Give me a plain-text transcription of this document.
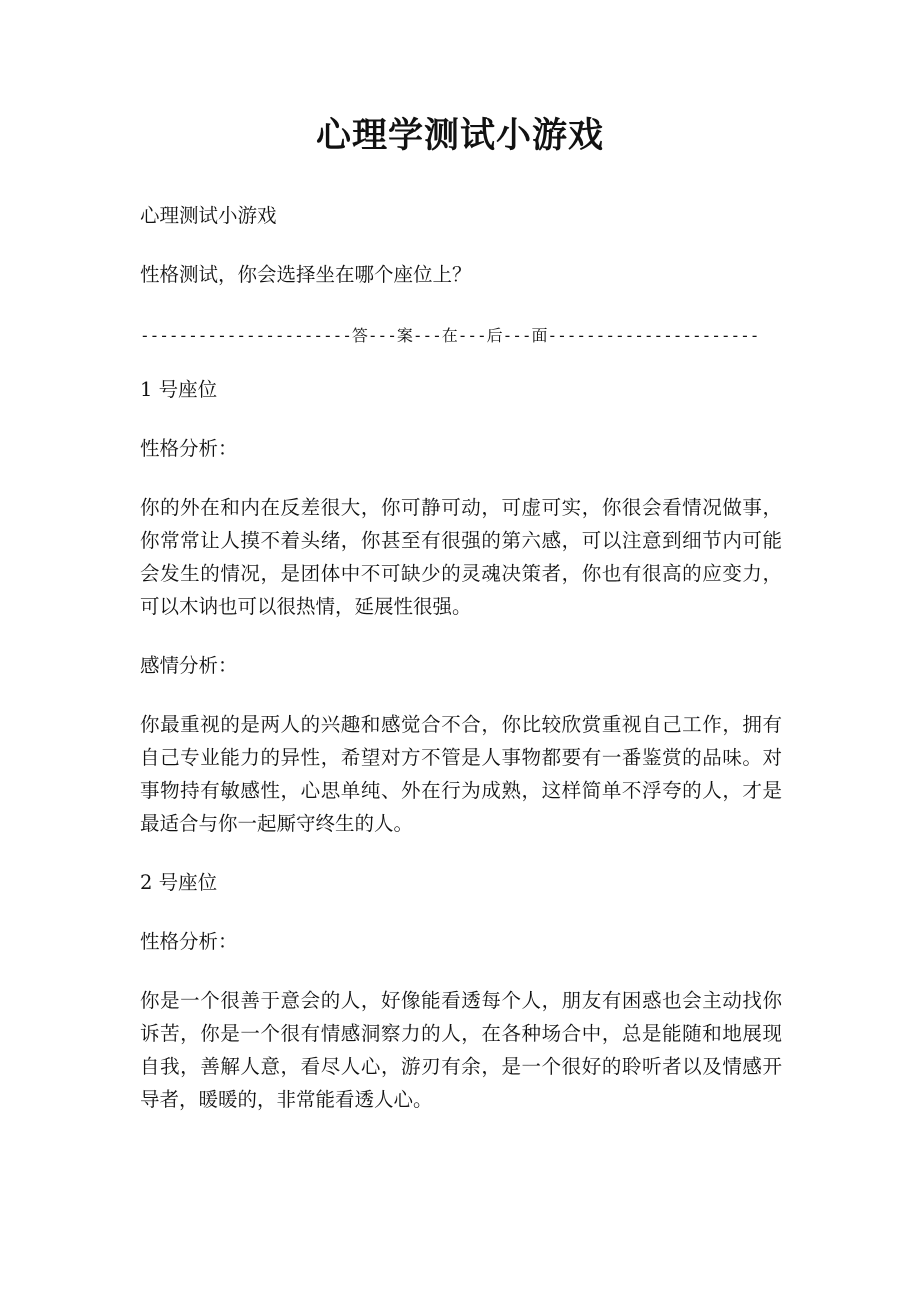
心理学测试小游戏

心理测试小游戏

性格测试，你会选择坐在哪个座位上？

----------------------答---案---在---后---面----------------------

1 号座位

性格分析：

你的外在和内在反差很大，你可静可动，可虚可实，你很会看情况做事，你常常让人摸不着头绪，你甚至有很强的第六感，可以注意到细节内可能会发生的情况，是团体中不可缺少的灵魂决策者，你也有很高的应变力，可以木讷也可以很热情，延展性很强。

感情分析：

你最重视的是两人的兴趣和感觉合不合，你比较欣赏重视自己工作，拥有自己专业能力的异性，希望对方不管是人事物都要有一番鉴赏的品味。对事物持有敏感性，心思单纯、外在行为成熟，这样简单不浮夸的人，才是最适合与你一起厮守终生的人。

2 号座位

性格分析：

你是一个很善于意会的人，好像能看透每个人，朋友有困惑也会主动找你诉苦，你是一个很有情感洞察力的人，在各种场合中，总是能随和地展现自我，善解人意，看尽人心，游刃有余，是一个很好的聆听者以及情感开导者，暖暖的，非常能看透人心。
